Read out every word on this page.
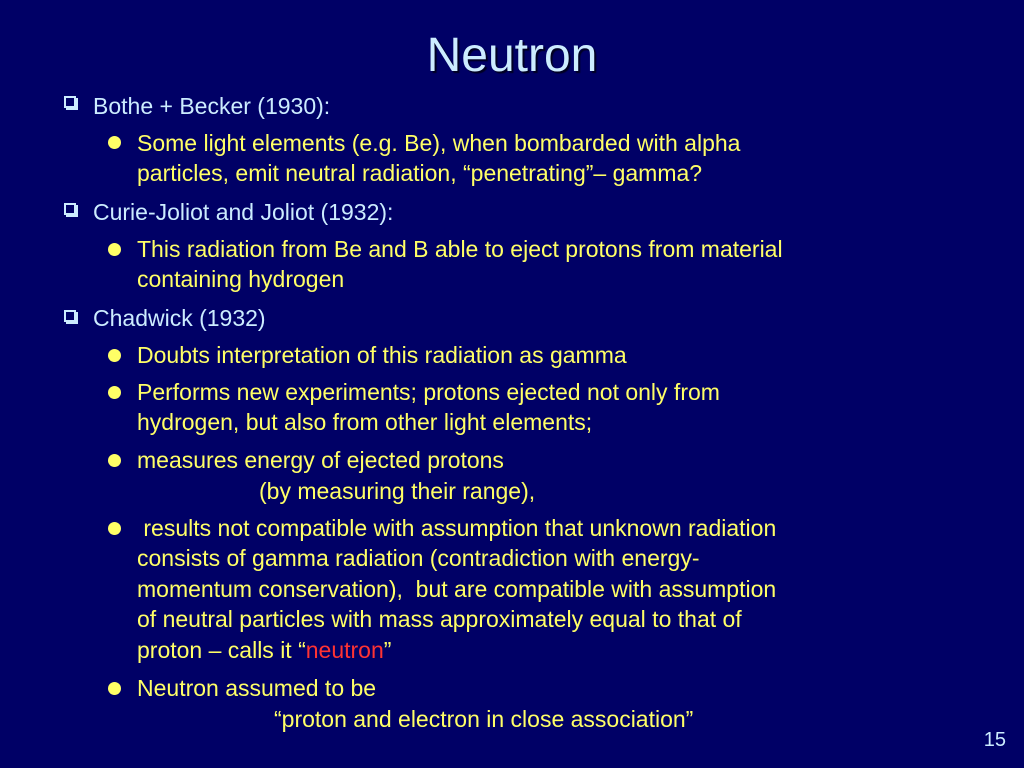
Neutron
Bothe + Becker (1930):
Some light elements (e.g. Be), when bombarded with alpha
particles, emit neutral radiation, “penetrating”– gamma?
Curie-Joliot and Joliot (1932):
This radiation from Be and B able to eject protons from material
containing hydrogen
Chadwick (1932)
Doubts interpretation of this radiation as gamma
Performs new experiments; protons ejected not only from
hydrogen, but also from other light elements;
measures energy of ejected protons
(by measuring their range),
results not compatible with assumption that unknown radiation
consists of gamma radiation (contradiction with energy-
momentum conservation),  but are compatible with assumption
of neutral particles with mass approximately equal to that of
proton – calls it “neutron”
Neutron assumed to be
“proton and electron in close association”
15
